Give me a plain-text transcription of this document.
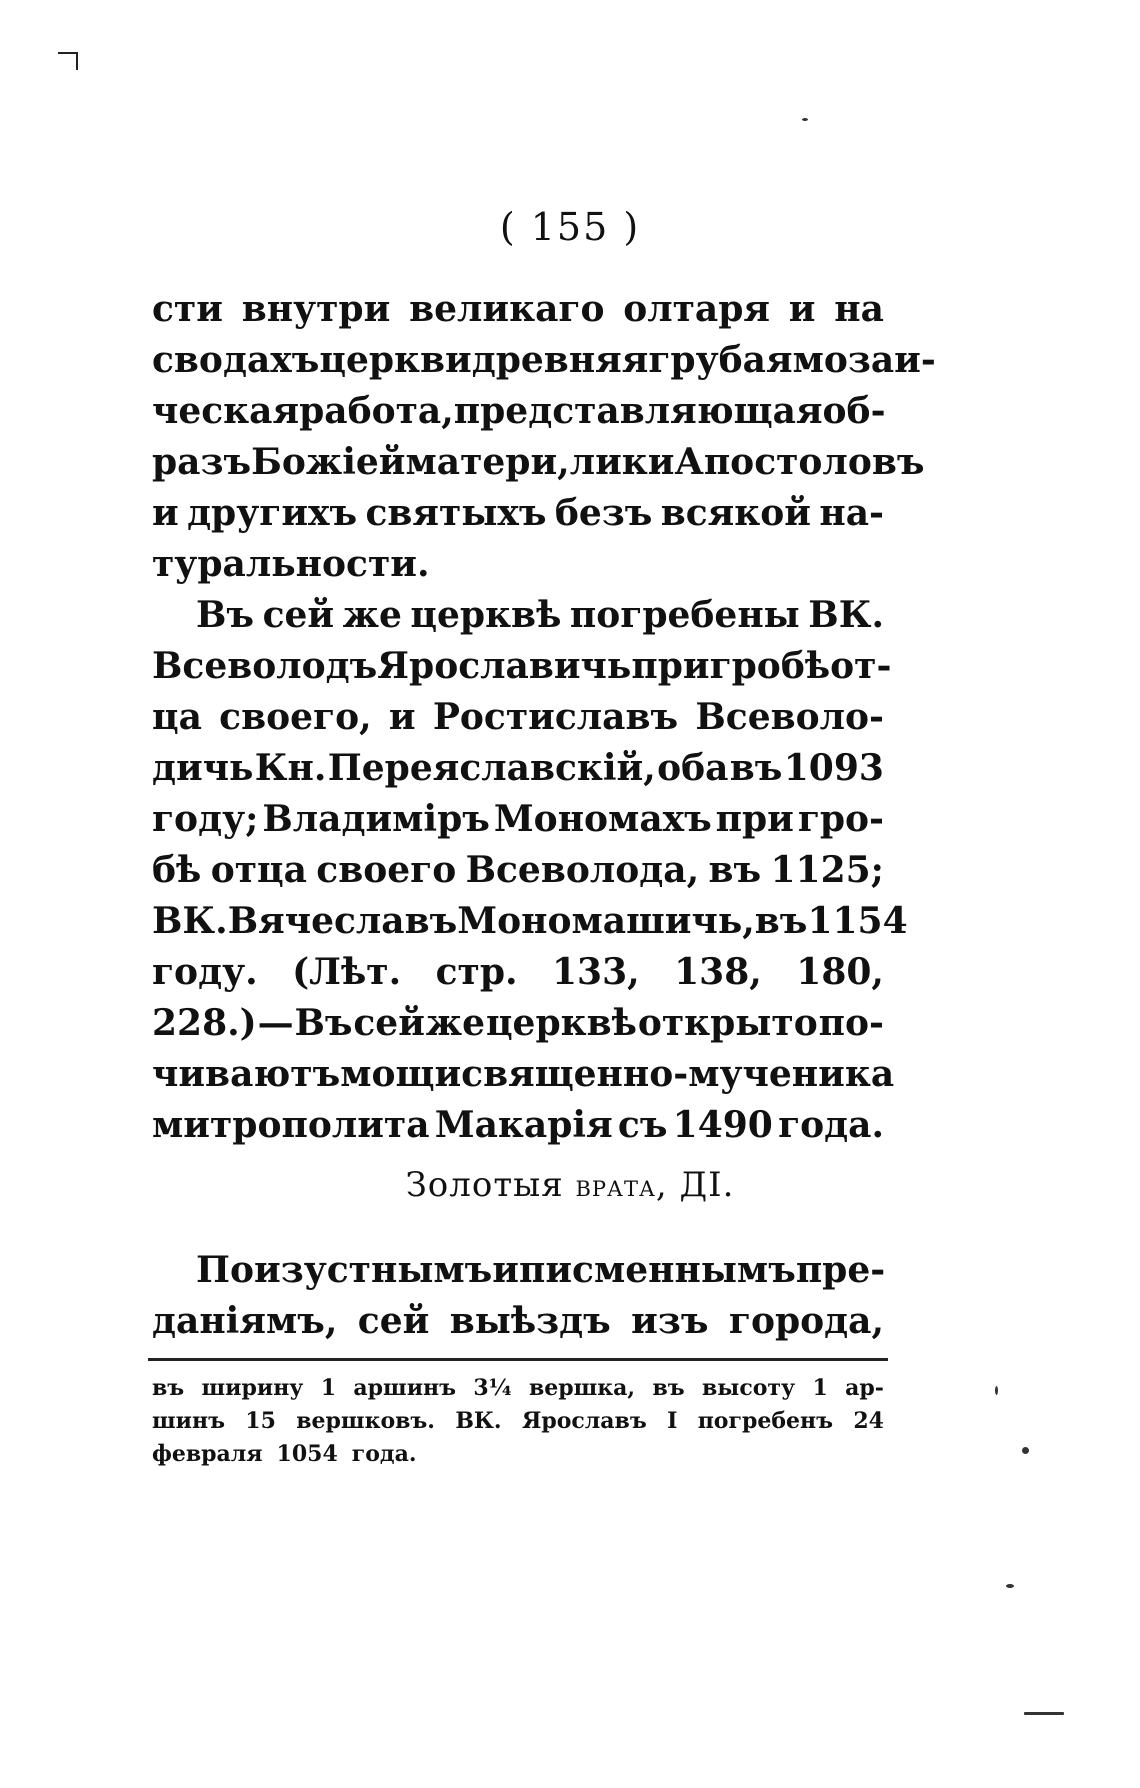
( 155 )
сти внутри великаго олтаря и на
сводахъ церкви древняя грубая мозаи-
ческая работа, представляющая об-
разъ Божiей матери, лики Апостоловъ
и другихъ святыхъ безъ всякой на-
туральности.
Въ сей же церквѣ погребены ВК.
Всеволодъ Ярославичь при гробѣ от-
ца своего, и Ростиславъ Всеволо-
дичь Кн. Переяславскiй, оба въ 1093
году; Владимiръ Мономахъ при гро-
бѣ отца своего Всеволода, въ 1125;
ВК. Вячеславъ Мономашичь, въ 1154
году. (Лѣт. стр. 133, 138, 180,
228.) — Въ сей же церквѣ открыто по-
чиваютъ мощи священно-мученика
митрополита Макарiя съ 1490 года.
Золотыя врата, ДI.
По изустнымъ и писменнымъ пре-
данiямъ, сей выѣздъ изъ города,
въ ширину 1 аршинъ 3¼ вершка, въ высоту 1 ар-
шинъ 15 вершковъ. ВК. Ярославъ I погребенъ 24
февраля 1054 года.
